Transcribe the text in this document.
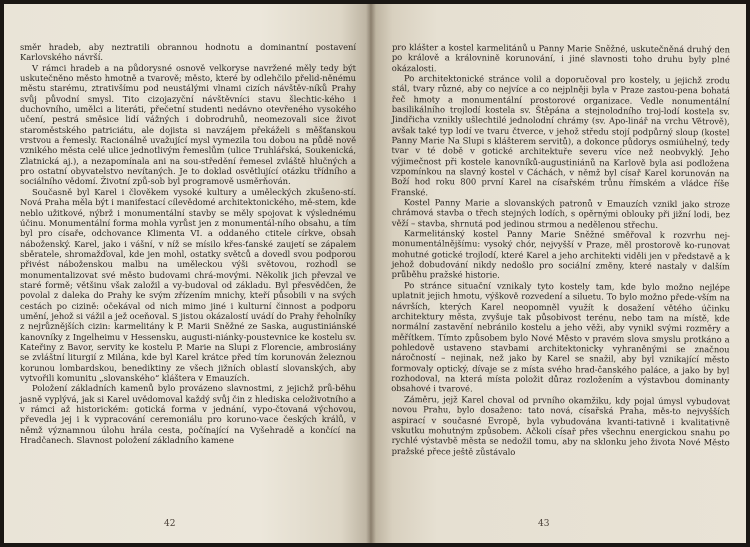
směr hradeb, aby neztratili obrannou hodnotu a dominantní postavení Karlovského návrší.

V rámci hradeb a na půdorysné osnově velkoryse navržené měly tedy být uskutečněno město hmotně a tvarově; město, které by odlehčilo přelid-něnému městu starému, ztrativšímu pod neustálými vlnami cizích návštěv-níků Prahy svůj původní smysl. Tito cizojazyční návštěvníci stavu šlechtic-kého i duchovního, umělci a literáti, přečetní studenti nedávno otevřeného vysokého učení, pestrá směsice lidí vážných i dobrodruhů, neomezovali sice život staroměstského patriciátu, ale dojista si navzájem překáželi s měšťanskou vrstvou a řemesly. Racionálně uvažující mysl vymezila tou dobou na půdě nově vznikého města celé ulice jednotlivým řemeslům (ulice Truhlářská, Soukenická, Zlatnická aj.), a nezapomínala ani na sou-středění řemesel zvláště hlučných a pro ostatní obyvatelstvo nevítaných. Je to doklad osvětlující otázku třídního a sociálního vědomí. Životní způ-sob byl programově usměrňován.

Současně byl Karel i člověkem vysoké kultury a uměleckých zkušeno-stí. Nová Praha měla být i manifestací cílevědomé architektonického, mě-stem, kde neblo užitkové, nýbrž i monumentální stavby se měly spojovat k výslednému účinu. Monumentální forma mohla vyrůst jen z monumentál-ního obsahu, a tím byl pro císaře, odchovance Klimenta VI. a oddaného ctitele církve, obsah náboženský. Karel, jako i vášní, v níž se mísilo křes-ťanské zaujetí se zápalem sběratele, shromažďoval, kde jen mohl, ostatky světců a dovedl svou podporou přivést náboženskou malbu na uměleckou výši světovou, rozhodl se monumentalizovat své město budovami chrá-movými. Několik jich převzal ve staré formě; většinu však založil a vy-budoval od základu. Byl přesvědčen, že povolal z daleka do Prahy ke svým zřízením mnichy, kteří působili v na svých cestách po cizině: očekával od nich mimo jiné i kulturní činnost a podporu umění, jehož si vážil a jež oceňoval. S jistou okázalostí uvádí do Prahy řeholníky z nejrůznějších cizin: karmelitány k P. Marii Sněžné ze Saska, augustiniánské kanovníky z Ingelheimu v Hessensku, augusti-niánky-poustevnice ke kostelu sv. Kateřiny z Bavor, servity ke kostelu P. Marie na Slupi z Florencie, ambrosiány se zvláštní liturgií z Milána, kde byl Karel krátce před tím korunován železnou korunou lombardskou, benediktiny ze všech jižních oblastí slovanských, aby vytvořili komunitu „slovanského“ kláštera v Emauzích.

Položení základních kamenů bylo provázeno slavnostmi, z jejichž prů-běhu jasně vyplývá, jak si Karel uvědomoval každý svůj čin z hlediska celoživotního a v rámci až historickém: gotická forma v jednání, vypo-čtovaná výchovou, převedla jej i k vypracování ceremoniálu pro koruno-vace českých králů, v němž významnou úlohu hrála cesta, počínající na Vyšehradě a končící na Hradčanech. Slavnost položení základního kamene

42

pro klášter a kostel karmelitánů u Panny Marie Sněžné, uskutečněná druhý den po králově a královnině korunování, i jiné slavnosti toho druhu byly plné okázalosti.

Po architektonické stránce volil a doporučoval pro kostely, u jejichž zrodu stál, tvary různé, aby co nejvíce a co nejplněji byla v Praze zastou-pena bohatá řeč hmoty a monumentální prostorové organizace. Vedle nonumentální basilikálního trojlodí kostela sv. Štěpána a stejnolodního troj-lodí kostela sv. Jindřicha vznikly ušlechtilé jednolodní chrámy (sv. Apo-linář na vrchu Větrově), avšak také typ lodí ve tvaru čtverce, v jehož středu stojí podpůrný sloup (kostel Panny Marie Na Slupi s klášterem servitů), a dokonce půdorys osmiúhelný, tedy tvar v té době v gotické architektuře severu více než neobvyklý. Jeho výjimečnost při kostele kanovníků-augustiniánů na Karlově byla asi podložena vzpomínkou na slavný kostel v Cáchách, v němž byl císař Karel korunován na Boží hod roku 800 první Karel na císařském trůnu římském a vládce říše Franské.

Kostel Panny Marie a slovanských patronů v Emauzích vznikl jako stroze chrámová stavba o třech stejných lodích, s opěrnými oblouky při jižní lodi, bez věží – stavba, shrnutá pod jedinou strmou a nedělenou střechu.

Karmelitánský kostel Panny Marie Sněžné směřoval k rozvrhu nej-monumentálnějšímu: vysoký chór, nejvyšší v Praze, měl prostorově ko-runovat mohutné gotické trojlodí, které Karel a jeho architekti viděli jen v představě a k jehož dobudování nikdy nedošlo pro sociální změny, které nastaly v dalším průběhu pražské historie.

Po stránce situační vznikaly tyto kostely tam, kde bylo možno nejlépe uplatnit jejich hmotu, výškově rozvedení a siluetu. To bylo možno přede-vším na návrších, kterých Karel neopomněl využít k dosažení větého účinku architektury města, zvyšuje tak působivost terénu, nebo tam na místě, kde normální zastavění nebránilo kostelu a jeho věži, aby vynikl svými rozměry a měřítkem. Tímto způsobem bylo Nové Město v pravém slova smyslu protkáno a pohledově ustaveno stavbami architektonicky vyhraněnými se značnou náročností – nejinak, než jako by Karel se snažil, aby byl vznikající město formovaly optický, dívaje se z místa svého hrad-čanského paláce, a jako by byl rozhodoval, na která místa položit důraz rozložením a výstavbou dominanty obsahové i tvarové.

Záměru, jejž Karel choval od prvního okamžiku, kdy pojal úmysl vybudovat novou Prahu, bylo dosaženo: tato nová, císařská Praha, měs-to nejvyšších aspirací v současné Evropě, byla vybudována kvanti-tativně i kvalitativně vskutku mohutným způsobem. Ačkoli císař přes všechnu energickou snahu po rychlé výstavbě města se nedožil tomu, aby na sklonku jeho života Nové Město pražské přece ještě zůstávalo

43
